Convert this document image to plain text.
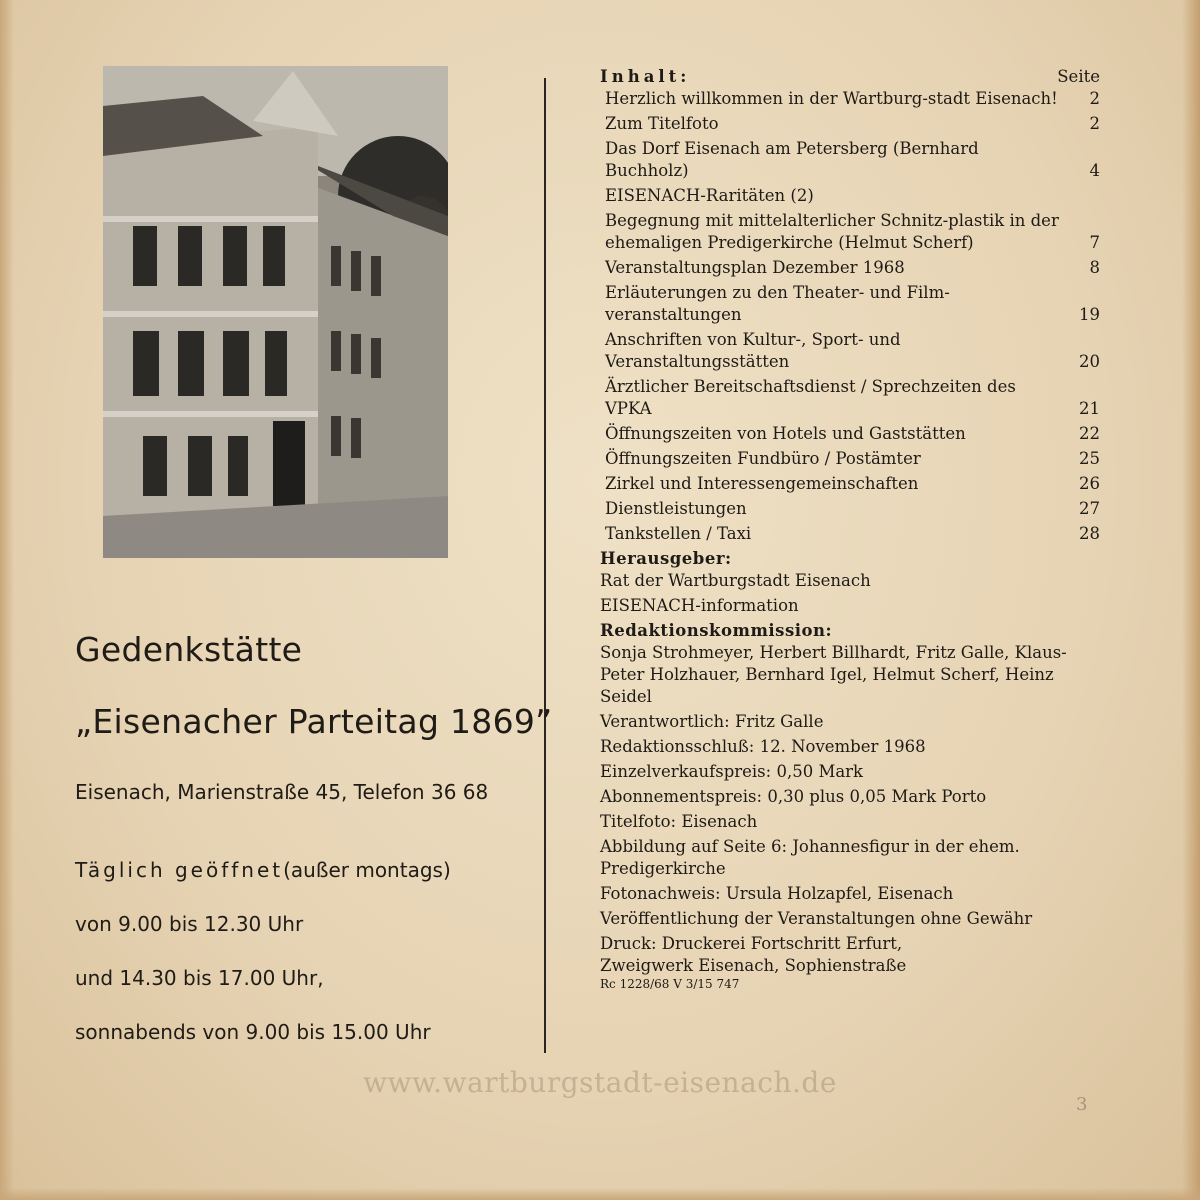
Gedenkstätte
„Eisenacher Parteitag 1869”
Eisenach, Marienstraße 45, Telefon 36 68
Täglich geöffnet(außer montags)
von 9.00 bis 12.30 Uhr
und 14.30 bis 17.00 Uhr,
sonnabends von 9.00 bis 15.00 Uhr
Inhalt:	Seite
Herzlich willkommen in der Wartburg-stadt Eisenach!	2
Zum Titelfoto	2
Das Dorf Eisenach am Petersberg (Bernhard Buchholz)	4
EISENACH-Raritäten (2)
Begegnung mit mittelalterlicher Schnitz-plastik in der ehemaligen Predigerkirche (Helmut Scherf)	7
Veranstaltungsplan Dezember 1968	8
Erläuterungen zu den Theater- und Film-veranstaltungen	19
Anschriften von Kultur-, Sport- und Veranstaltungsstätten	20
Ärztlicher Bereitschaftsdienst / Sprechzeiten des VPKA	21
Öffnungszeiten von Hotels und Gaststätten	22
Öffnungszeiten Fundbüro / Postämter	25
Zirkel und Interessengemeinschaften	26
Dienstleistungen	27
Tankstellen / Taxi	28
Herausgeber:

Rat der Wartburgstadt Eisenach

EISENACH-information

Redaktionskommission:

Sonja Strohmeyer, Herbert Billhardt, Fritz Galle, Klaus-Peter Holzhauer, Bernhard Igel, Helmut Scherf, Heinz Seidel

Verantwortlich: Fritz Galle

Redaktionsschluß: 12. November 1968

Einzelverkaufspreis: 0,50 Mark

Abonnementspreis: 0,30 plus 0,05 Mark Porto

Titelfoto: Eisenach

Abbildung auf Seite 6: Johannesfigur in der ehem. Predigerkirche

Fotonachweis: Ursula Holzapfel, Eisenach

Veröffentlichung der Veranstaltungen ohne Gewähr

Druck: Druckerei Fortschritt Erfurt,

Zweigwerk Eisenach, Sophienstraße

Rc 1228/68 V 3/15 747

www.wartburgstadt-eisenach.de
3
